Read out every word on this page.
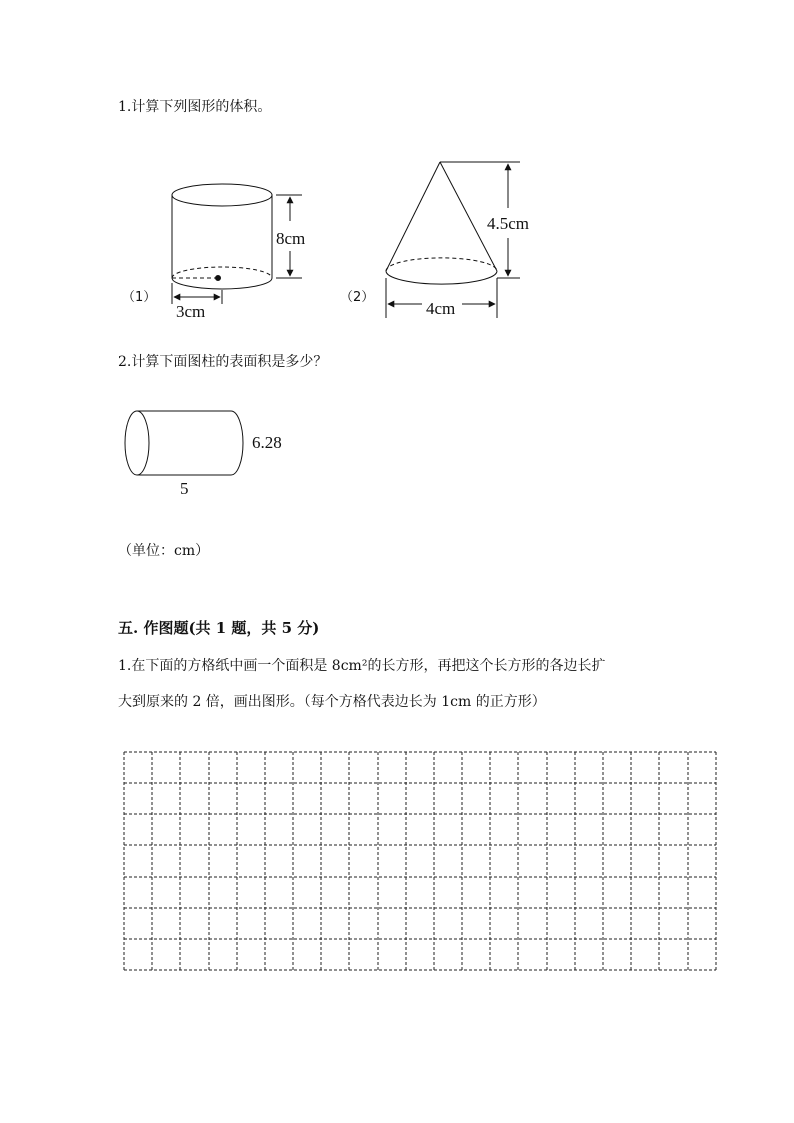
1.计算下列图形的体积。
（1）
8cm
3cm
（2）
4.5cm
4cm
2.计算下面图柱的表面积是多少？
6.28
5
（单位：cm）
五. 作图题(共 1 题，共 5 分)
1.在下面的方格纸中画一个面积是 8cm²的长方形，再把这个长方形的各边长扩
大到原来的 2 倍，画出图形。（每个方格代表边长为 1cm 的正方形）
